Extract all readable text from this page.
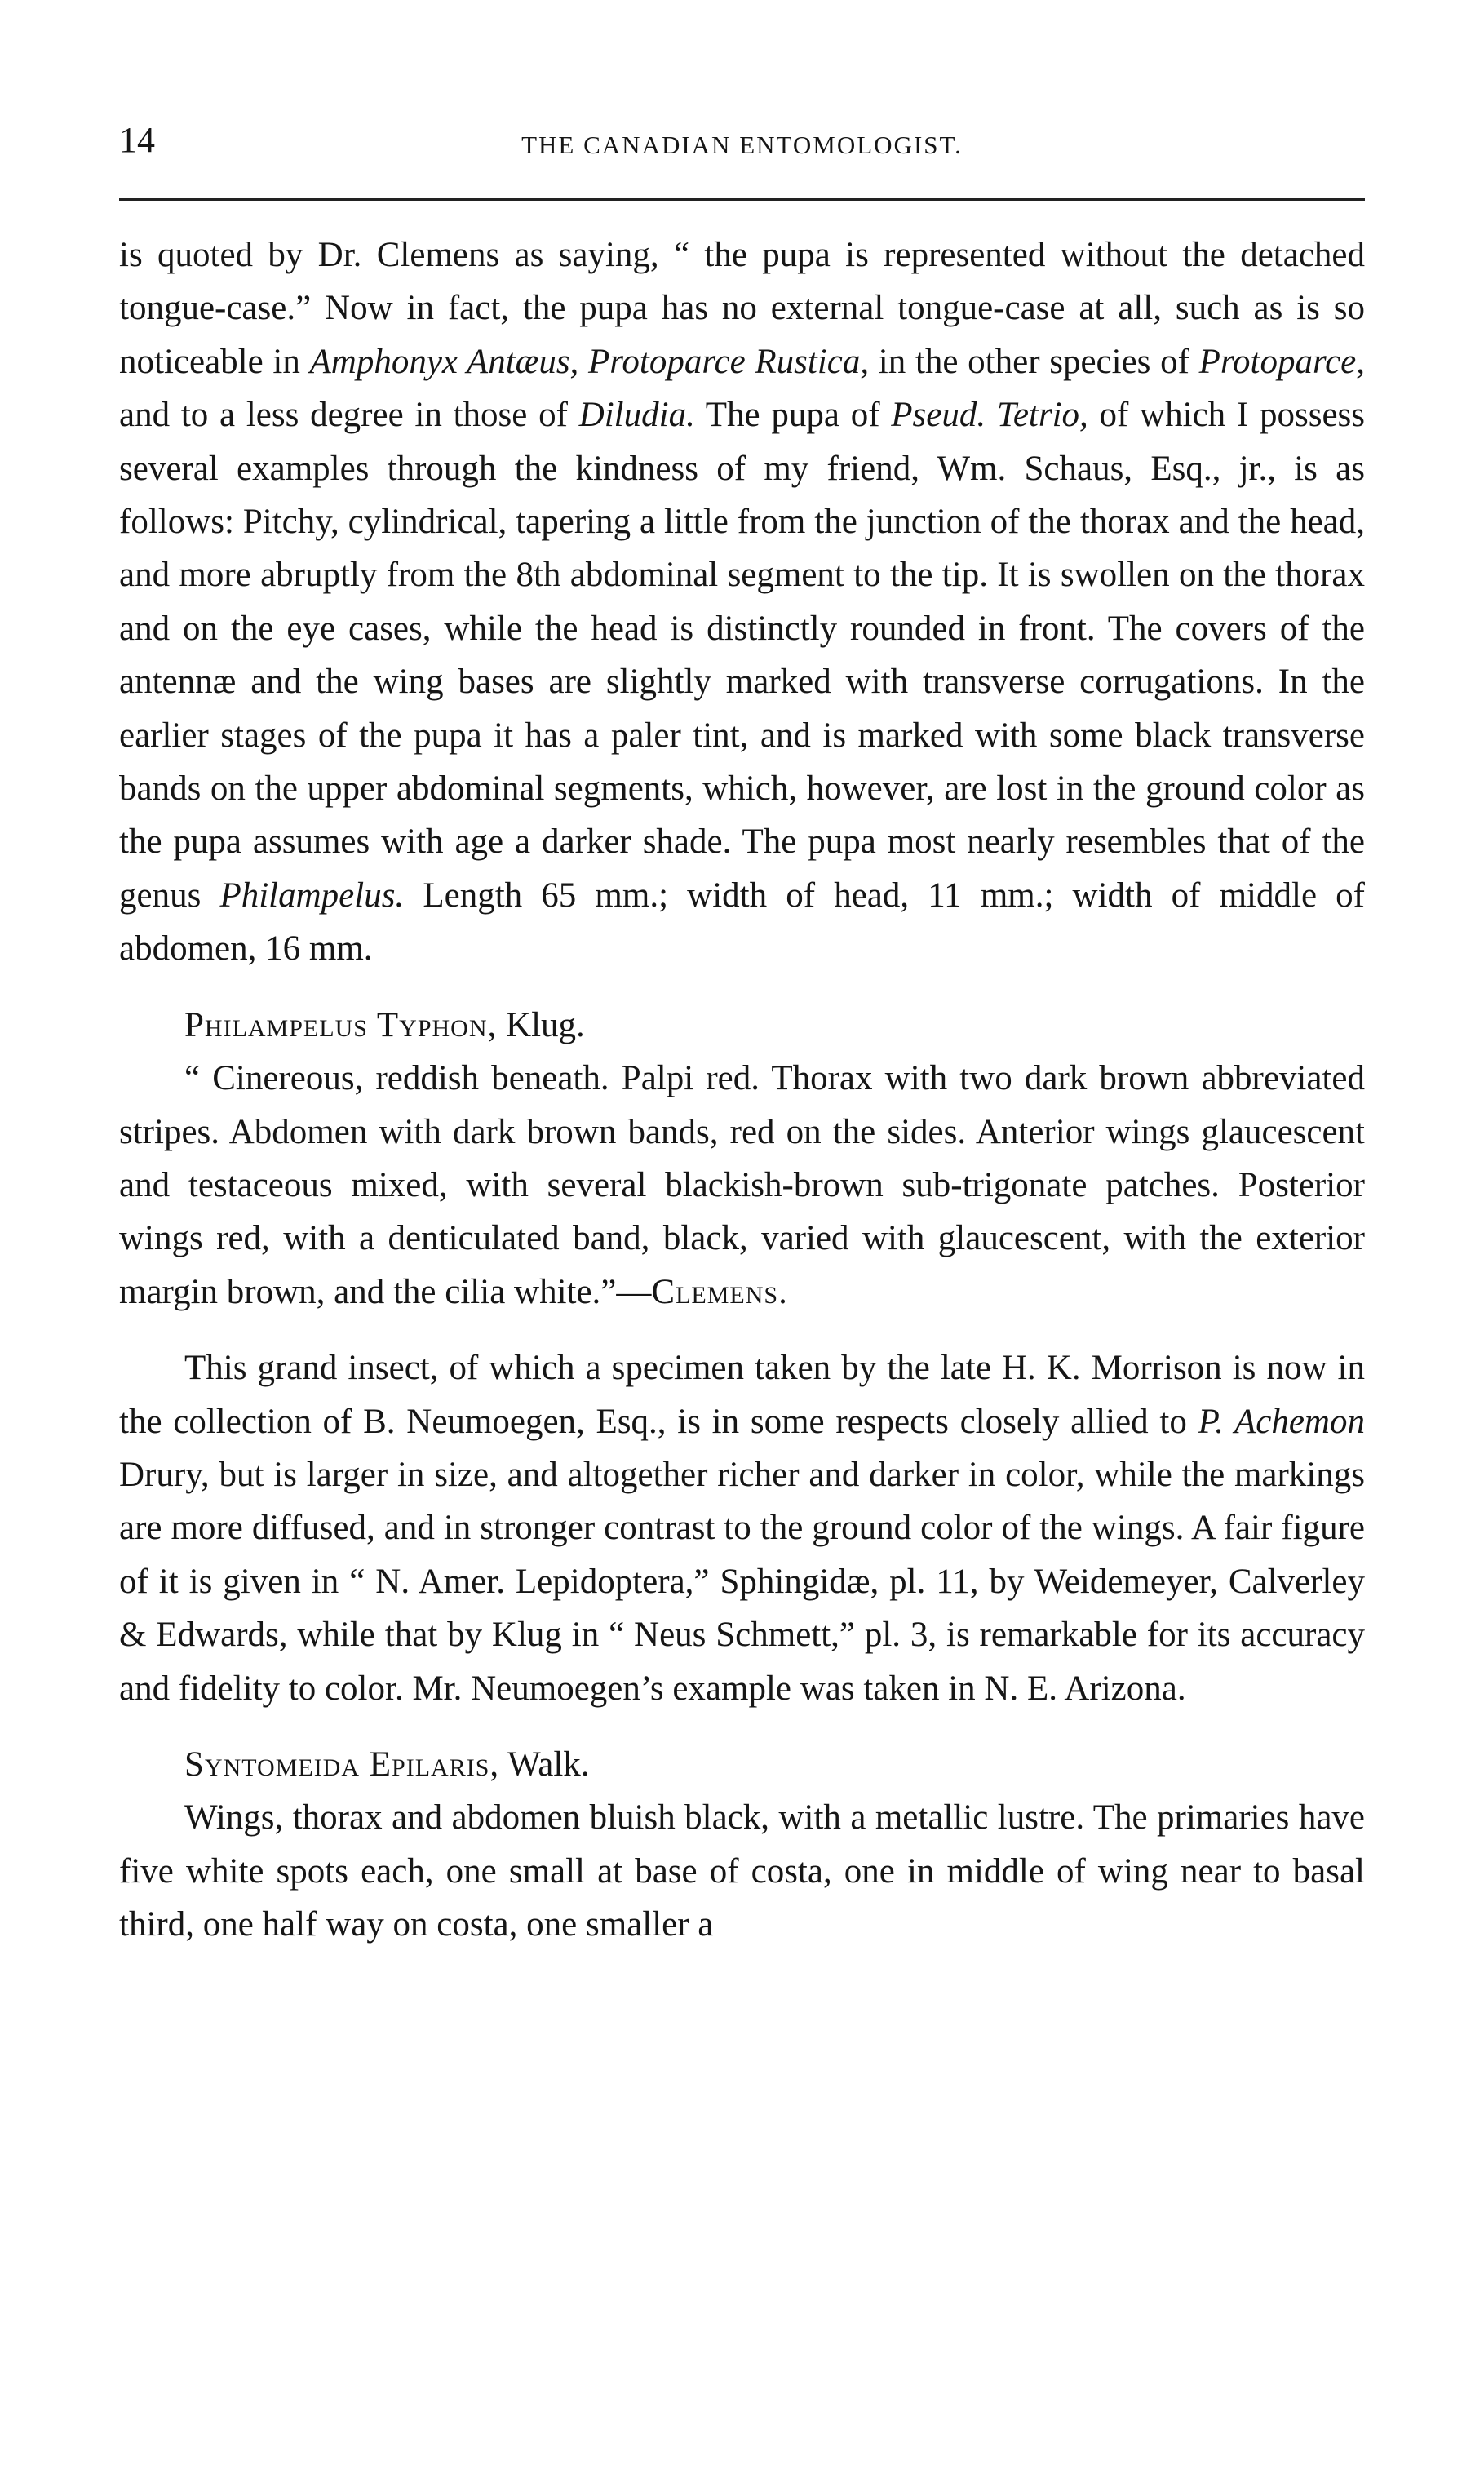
14	THE CANADIAN ENTOMOLOGIST.

is quoted by Dr. Clemens as saying, “ the pupa is represented without the detached tongue-case.” Now in fact, the pupa has no external tongue-case at all, such as is so noticeable in Amphonyx Antæus, Protoparce Rustica, in the other species of Protoparce, and to a less degree in those of Diludia. The pupa of Pseud. Tetrio, of which I possess several examples through the kindness of my friend, Wm. Schaus, Esq., jr., is as follows: Pitchy, cylindrical, tapering a little from the junction of the thorax and the head, and more abruptly from the 8th abdominal segment to the tip. It is swollen on the thorax and on the eye cases, while the head is distinctly rounded in front. The covers of the antennæ and the wing bases are slightly marked with transverse corrugations. In the earlier stages of the pupa it has a paler tint, and is marked with some black transverse bands on the upper abdominal segments, which, however, are lost in the ground color as the pupa assumes with age a darker shade. The pupa most nearly resembles that of the genus Philampelus. Length 65 mm.; width of head, 11 mm.; width of middle of abdomen, 16 mm.

Philampelus Typhon, Klug.

“ Cinereous, reddish beneath. Palpi red. Thorax with two dark brown abbreviated stripes. Abdomen with dark brown bands, red on the sides. Anterior wings glaucescent and testaceous mixed, with several blackish-brown sub-trigonate patches. Posterior wings red, with a denticulated band, black, varied with glaucescent, with the exterior margin brown, and the cilia white.”—Clemens.

This grand insect, of which a specimen taken by the late H. K. Morrison is now in the collection of B. Neumoegen, Esq., is in some respects closely allied to P. Achemon Drury, but is larger in size, and altogether richer and darker in color, while the markings are more diffused, and in stronger contrast to the ground color of the wings. A fair figure of it is given in “ N. Amer. Lepidoptera,” Sphingidæ, pl. 11, by Weidemeyer, Calverley & Edwards, while that by Klug in “ Neus Schmett,” pl. 3, is remarkable for its accuracy and fidelity to color. Mr. Neumoegen’s example was taken in N. E. Arizona.

Syntomeida Epilaris, Walk.

Wings, thorax and abdomen bluish black, with a metallic lustre. The primaries have five white spots each, one small at base of costa, one in middle of wing near to basal third, one half way on costa, one smaller a
